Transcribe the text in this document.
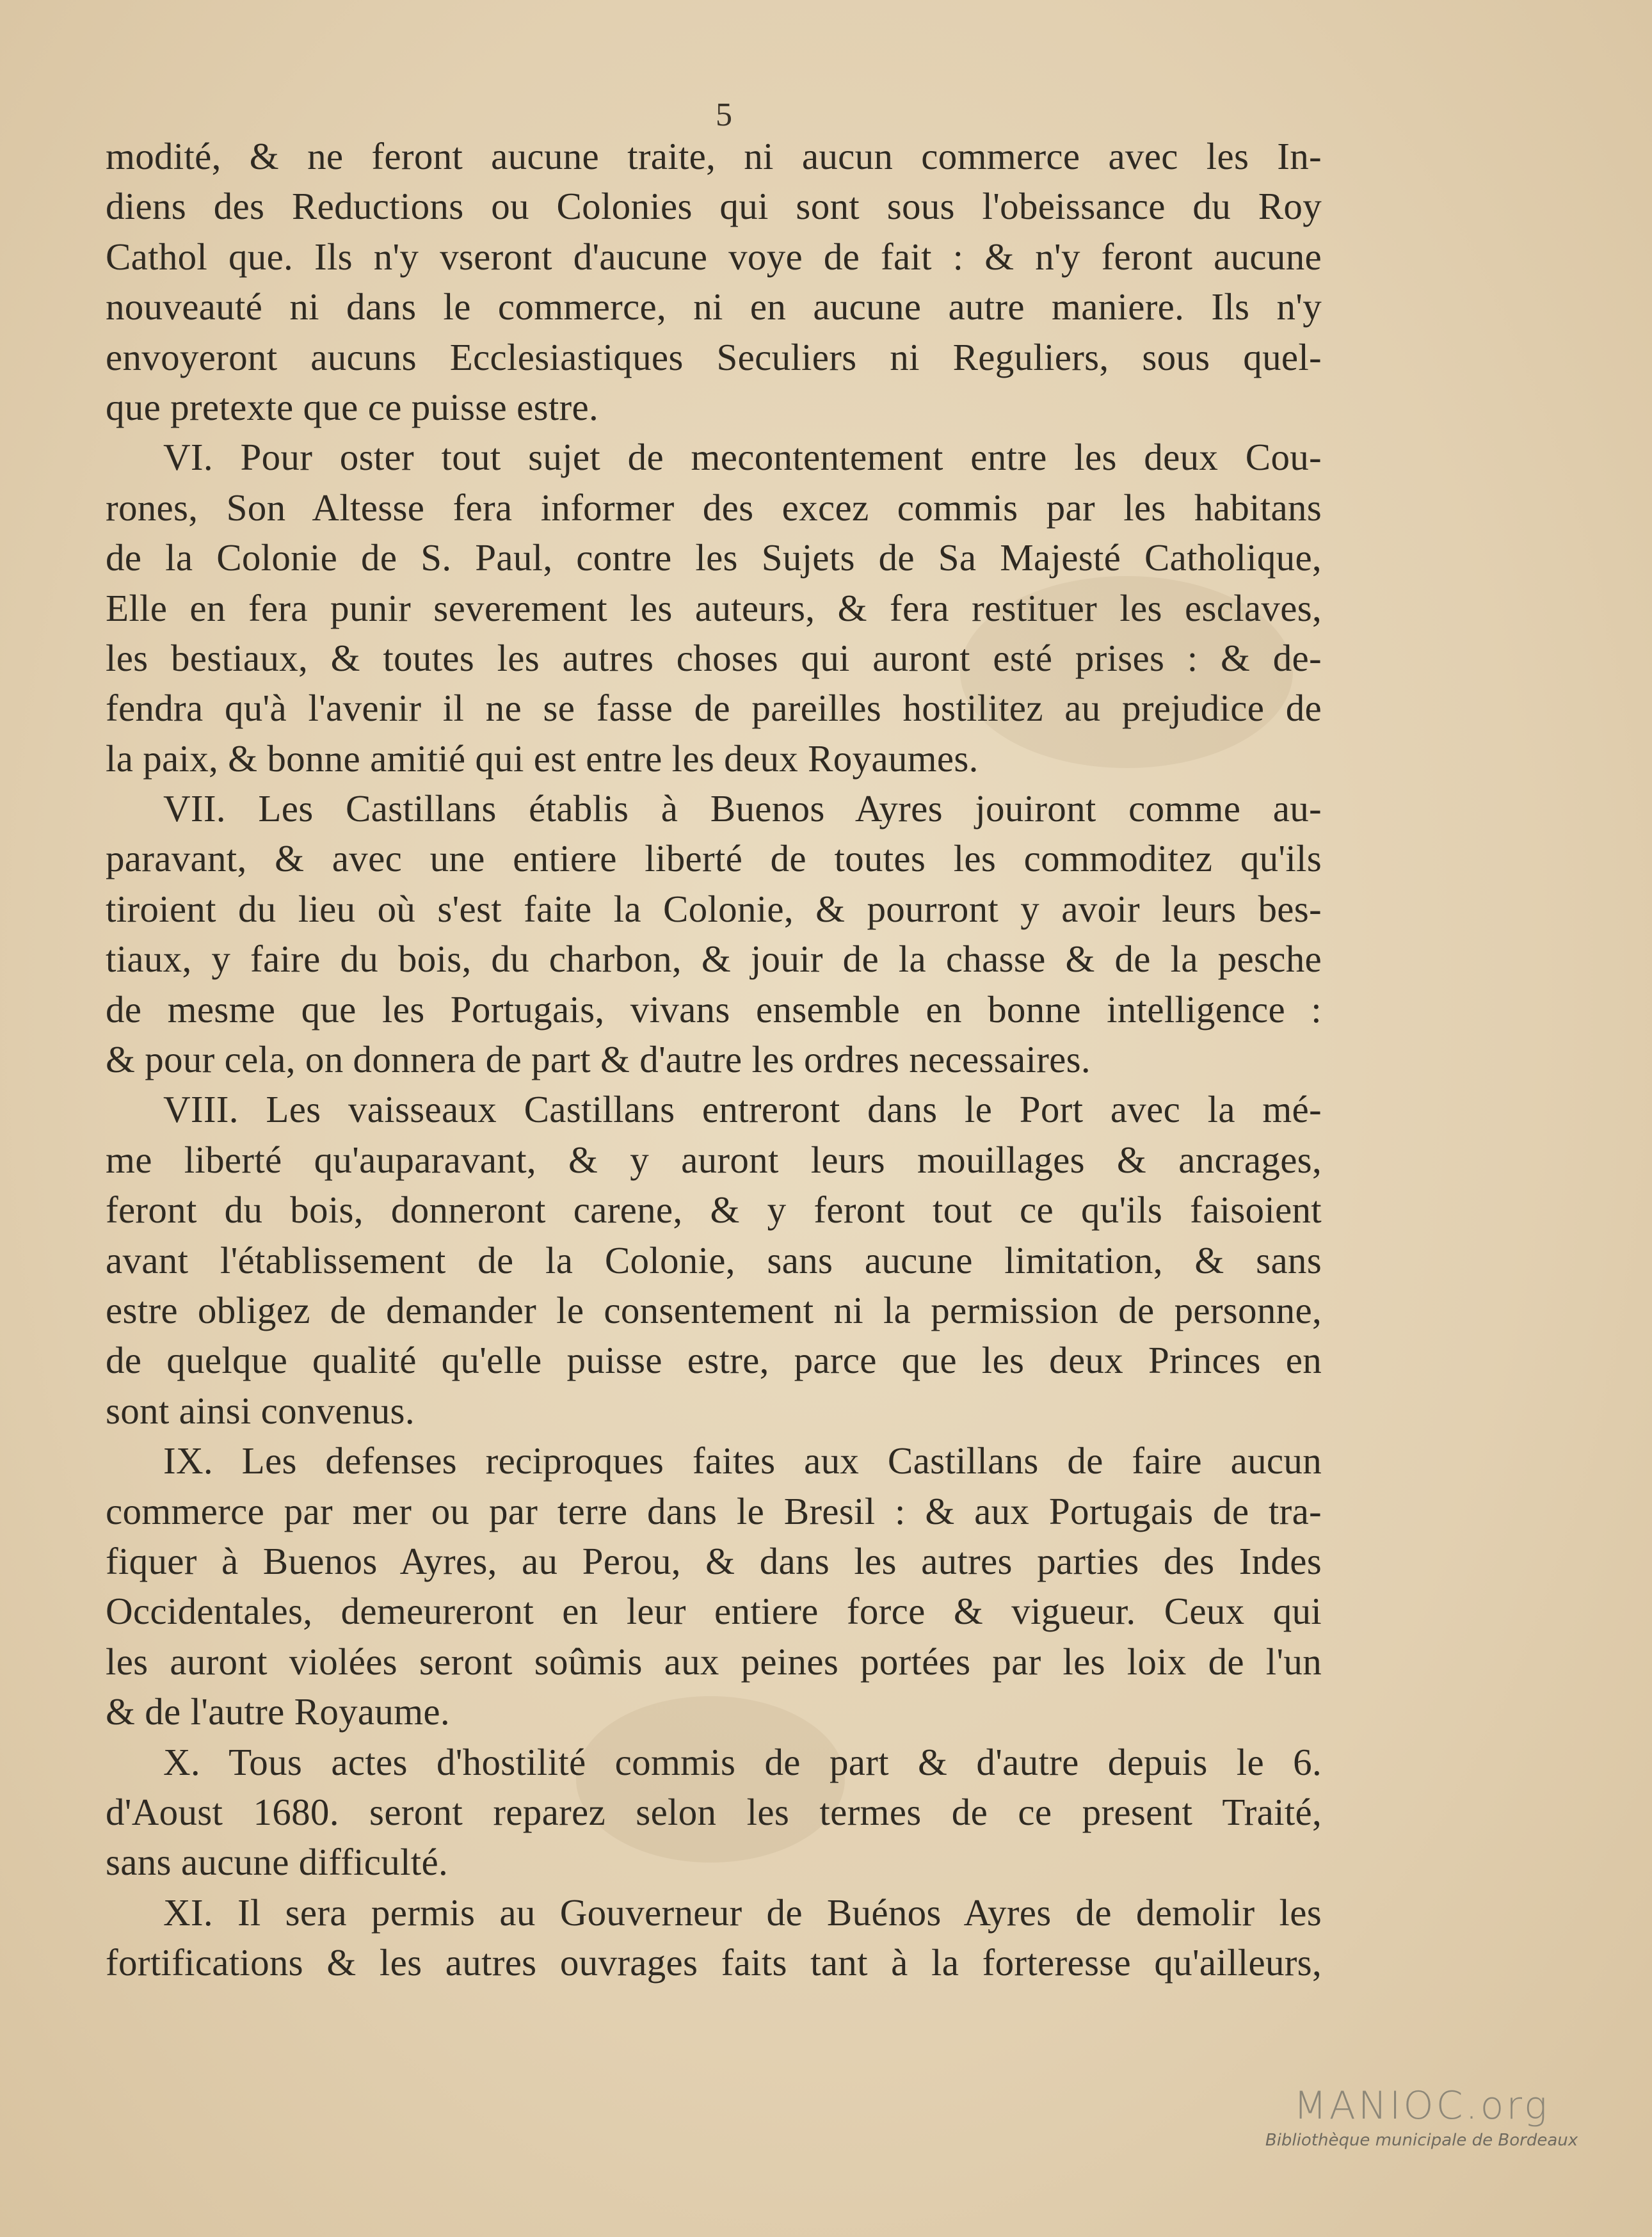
5
modité, & ne feront aucune traite, ni aucun commerce avec les In-
diens des Reductions ou Colonies qui sont sous l'obeissance du Roy
Cathol que. Ils n'y vseront d'aucune voye de fait : & n'y feront aucune
nouveauté ni dans le commerce, ni en aucune autre maniere. Ils n'y
envoyeront aucuns Ecclesiastiques Seculiers ni Reguliers, sous quel-
que pretexte que ce puisse estre.
VI. Pour oster tout sujet de mecontentement entre les deux Cou-
rones, Son Altesse fera informer des excez commis par les habitans
de la Colonie de S. Paul, contre les Sujets de Sa Majesté Catholique,
Elle en fera punir severement les auteurs, & fera restituer les esclaves,
les bestiaux, & toutes les autres choses qui auront esté prises : & de-
fendra qu'à l'avenir il ne se fasse de pareilles hostilitez au prejudice de
la paix, & bonne amitié qui est entre les deux Royaumes.
VII. Les Castillans établis à Buenos Ayres jouiront comme au-
paravant, & avec une entiere liberté de toutes les commoditez qu'ils
tiroient du lieu où s'est faite la Colonie, & pourront y avoir leurs bes-
tiaux, y faire du bois, du charbon, & jouir de la chasse & de la pesche
de mesme que les Portugais, vivans ensemble en bonne intelligence :
& pour cela, on donnera de part & d'autre les ordres necessaires.
VIII. Les vaisseaux Castillans entreront dans le Port avec la mé-
me liberté qu'auparavant, & y auront leurs mouillages & ancrages,
feront du bois, donneront carene, & y feront tout ce qu'ils faisoient
avant l'établissement de la Colonie, sans aucune limitation, & sans
estre obligez de demander le consentement ni la permission de personne,
de quelque qualité qu'elle puisse estre, parce que les deux Princes en
sont ainsi convenus.
IX. Les defenses reciproques faites aux Castillans de faire aucun
commerce par mer ou par terre dans le Bresil : & aux Portugais de tra-
fiquer à Buenos Ayres, au Perou, & dans les autres parties des Indes
Occidentales, demeureront en leur entiere force & vigueur. Ceux qui
les auront violées seront soûmis aux peines portées par les loix de l'un
& de l'autre Royaume.
X. Tous actes d'hostilité commis de part & d'autre depuis le 6.
d'Aoust 1680. seront reparez selon les termes de ce present Traité,
sans aucune difficulté.
XI. Il sera permis au Gouverneur de Buénos Ayres de demolir les
fortifications & les autres ouvrages faits tant à la forteresse qu'ailleurs,
MANIOC.org
Bibliothèque municipale de Bordeaux
